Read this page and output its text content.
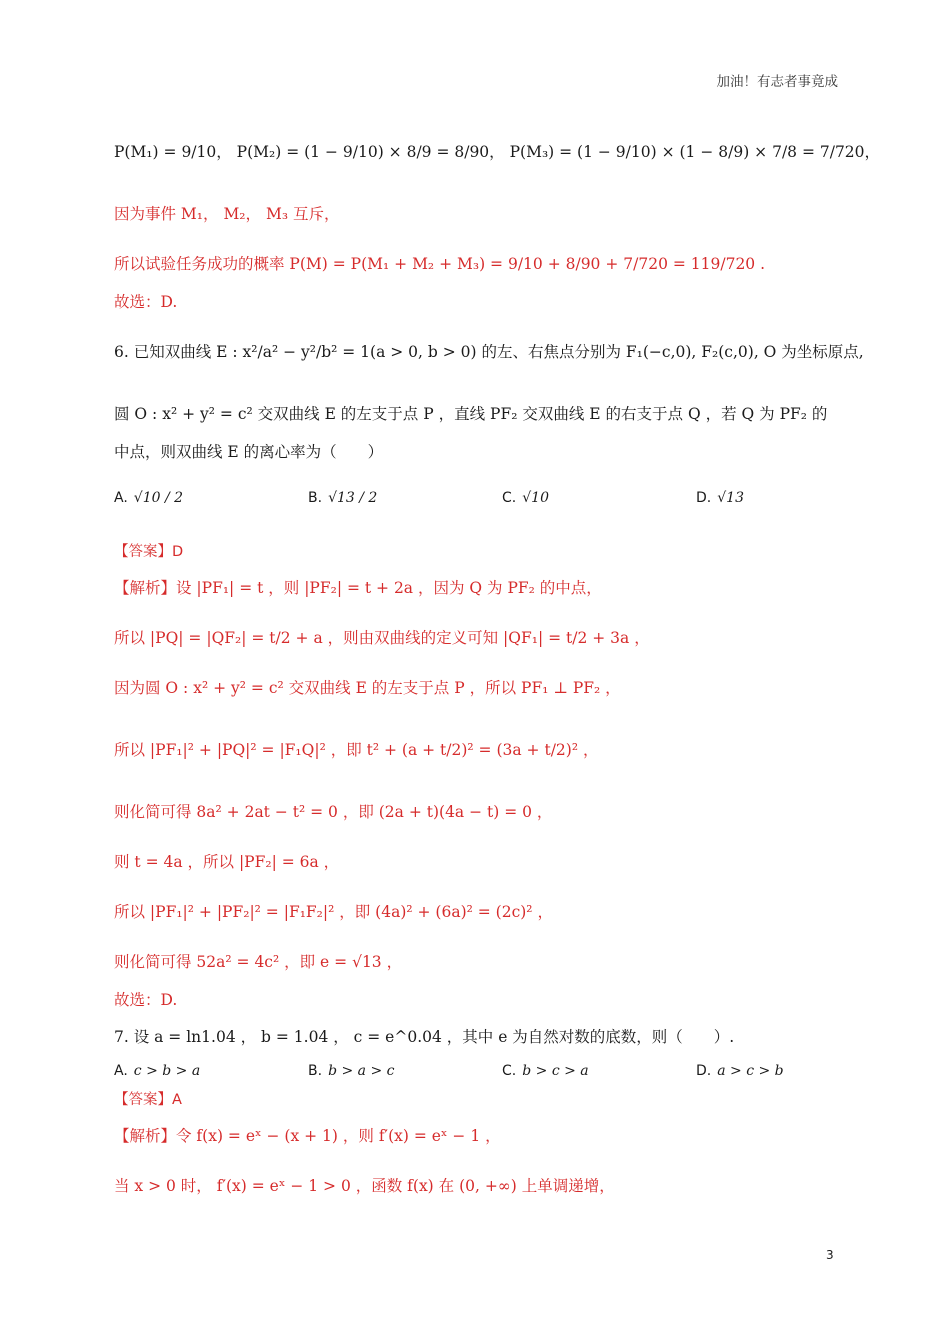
加油！有志者事竟成
P(M₁) = 9/10， P(M₂) = (1 − 9/10) × 8/9 = 8/90， P(M₃) = (1 − 9/10) × (1 − 8/9) × 7/8 = 7/720，
因为事件 M₁， M₂， M₃ 互斥，
所以试验任务成功的概率 P(M) = P(M₁ + M₂ + M₃) = 9/10 + 8/90 + 7/720 = 119/720 .
故选：D.
6. 已知双曲线 E : x²/a² − y²/b² = 1(a > 0, b > 0) 的左、右焦点分别为 F₁(−c,0), F₂(c,0), O 为坐标原点,
圆 O : x² + y² = c² 交双曲线 E 的左支于点 P ，直线 PF₂ 交双曲线 E 的右支于点 Q ，若 Q 为 PF₂ 的
中点，则双曲线 E 的离心率为（　　）
A. √10 / 2	B. √13 / 2	C. √10	D. √13
【答案】D
【解析】设 |PF₁| = t ，则 |PF₂| = t + 2a ，因为 Q 为 PF₂ 的中点，
所以 |PQ| = |QF₂| = t/2 + a ，则由双曲线的定义可知 |QF₁| = t/2 + 3a ，
因为圆 O : x² + y² = c² 交双曲线 E 的左支于点 P ，所以 PF₁ ⊥ PF₂ ，
所以 |PF₁|² + |PQ|² = |F₁Q|² ，即 t² + (a + t/2)² = (3a + t/2)² ，
则化简可得 8a² + 2at − t² = 0 ，即 (2a + t)(4a − t) = 0 ，
则 t = 4a ，所以 |PF₂| = 6a ，
所以 |PF₁|² + |PF₂|² = |F₁F₂|² ，即 (4a)² + (6a)² = (2c)² ，
则化简可得 52a² = 4c² ，即 e = √13 ，
故选：D.
7. 设 a = ln1.04 ， b = 1.04 ， c = e^0.04 ，其中 e 为自然对数的底数，则（　　）.
A. c > b > a	B. b > a > c	C. b > c > a	D. a > c > b
【答案】A
【解析】令 f(x) = eˣ − (x + 1) ，则 f′(x) = eˣ − 1 ，
当 x > 0 时， f′(x) = eˣ − 1 > 0 ，函数 f(x) 在 (0, +∞) 上单调递增，
3
